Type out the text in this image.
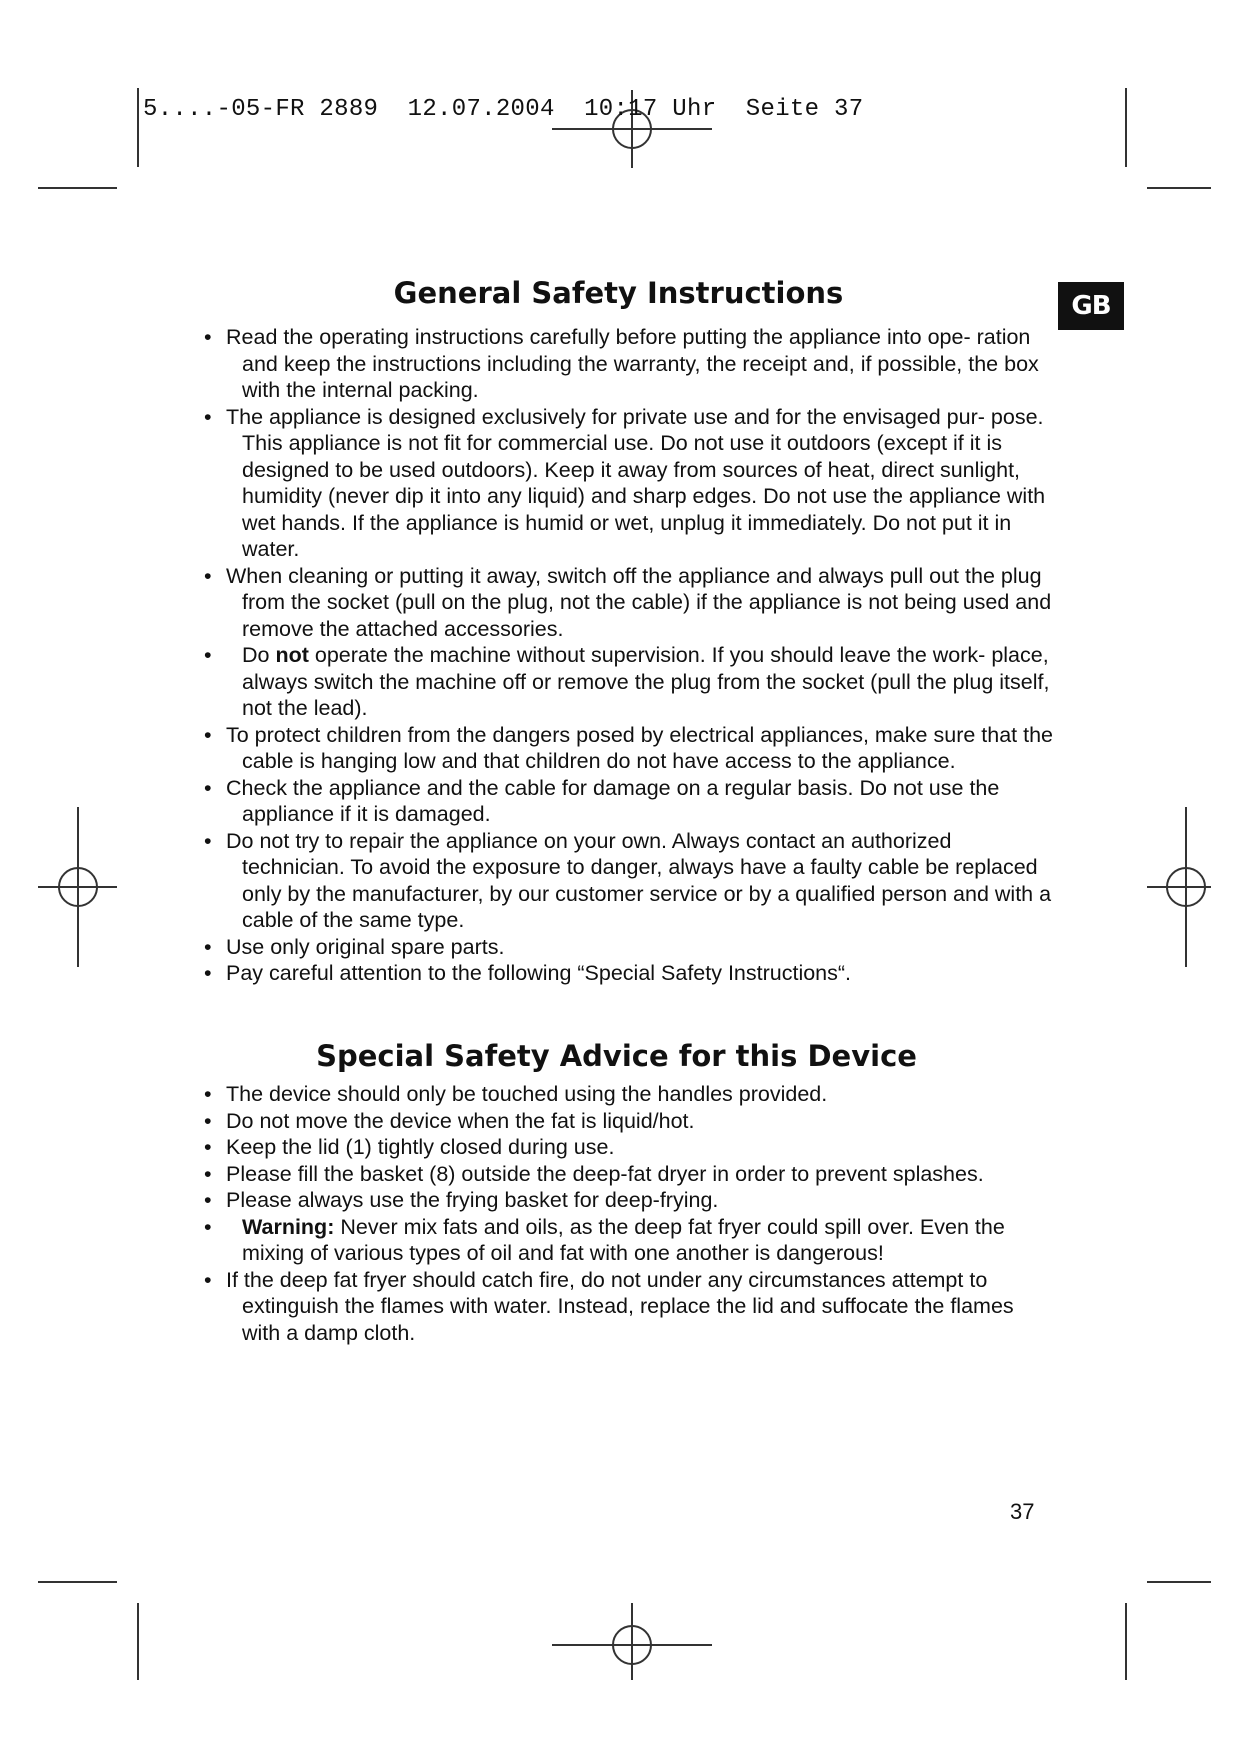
5....-05-FR 2889  12.07.2004  10:17 Uhr  Seite 37
GB
General Safety Instructions
• Read the operating instructions carefully before putting the appliance into ope- ration and keep the instructions including the warranty, the receipt and, if possible, the box with the internal packing.
• The appliance is designed exclusively for private use and for the envisaged pur- pose. This appliance is not fit for commercial use. Do not use it outdoors (except if it is designed to be used outdoors). Keep it away from sources of heat, direct sunlight, humidity (never dip it into any liquid) and sharp edges. Do not use the appliance with wet hands. If the appliance is humid or wet, unplug it immediately. Do not put it in water.
• When cleaning or putting it away, switch off the appliance and always pull out the plug from the socket (pull on the plug, not the cable) if the appliance is not being used and remove the attached accessories.
• Do not operate the machine without supervision. If you should leave the work- place, always switch the machine off or remove the plug from the socket (pull the plug itself, not the lead).
• To protect children from the dangers posed by electrical appliances, make sure that the cable is hanging low and that children do not have access to the appliance.
• Check the appliance and the cable for damage on a regular basis. Do not use the appliance if it is damaged.
• Do not try to repair the appliance on your own. Always contact an authorized technician. To avoid the exposure to danger, always have a faulty cable be replaced only by the manufacturer, by our customer service or by a qualified person and with a cable of the same type.
• Use only original spare parts.
• Pay careful attention to the following “Special Safety Instructions“.
Special Safety Advice for this Device
• The device should only be touched using the handles provided.
• Do not move the device when the fat is liquid/hot.
• Keep the lid (1) tightly closed during use.
• Please fill the basket (8) outside the deep-fat dryer in order to prevent splashes.
• Please always use the frying basket for deep-frying.
• Warning: Never mix fats and oils, as the deep fat fryer could spill over. Even the mixing of various types of oil and fat with one another is dangerous!
• If the deep fat fryer should catch fire, do not under any circumstances attempt to extinguish the flames with water. Instead, replace the lid and suffocate the flames with a damp cloth.
37
